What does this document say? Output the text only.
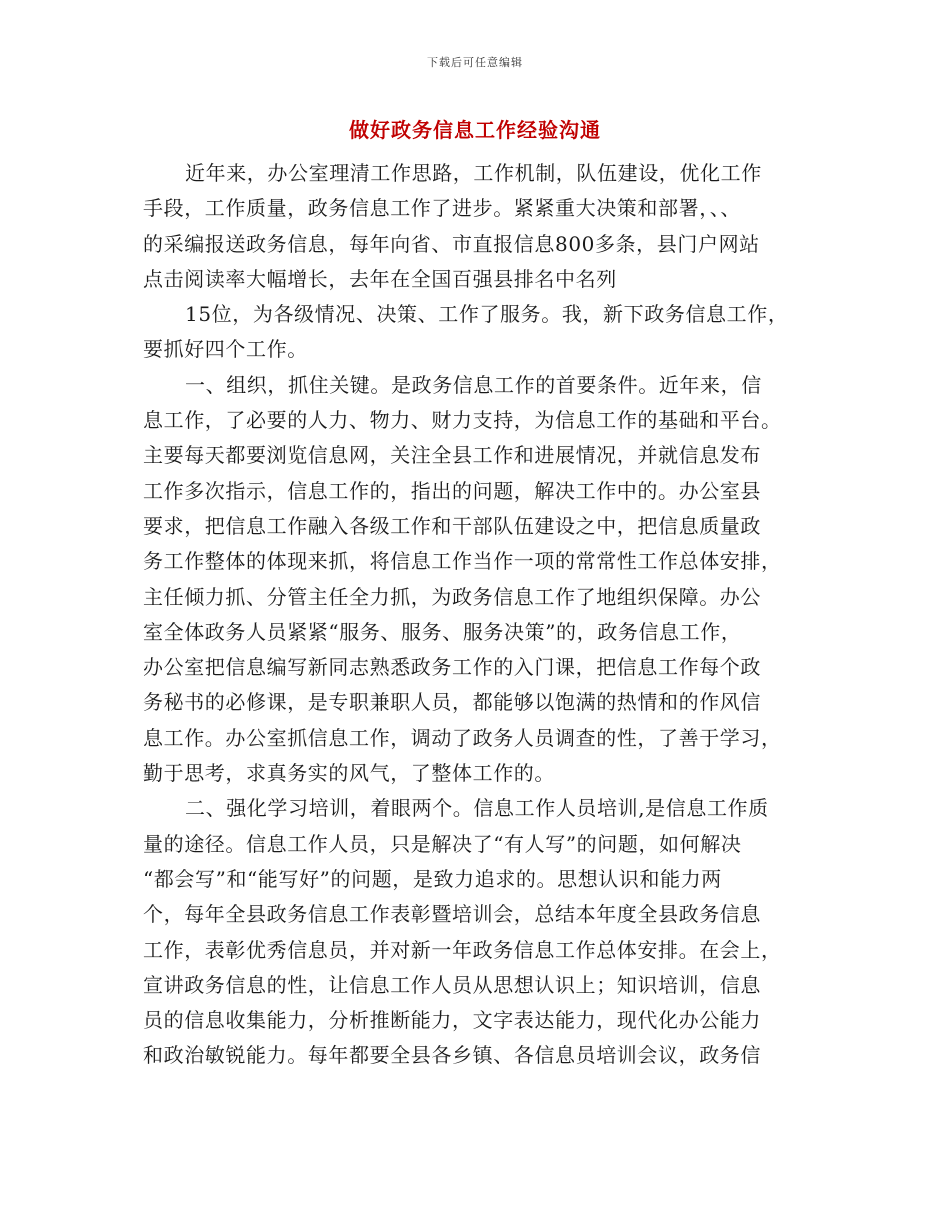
下载后可任意编辑
做好政务信息工作经验沟通
近年来，办公室理清工作思路，工作机制，队伍建设，优化工作
手段，工作质量，政务信息工作了进步。紧紧重大决策和部署，、、
的采编报送政务信息，每年向省、市直报信息800多条，县门户网站
点击阅读率大幅增长，去年在全国百强县排名中名列
15位，为各级情况、决策、工作了服务。我，新下政务信息工作，
要抓好四个工作。
一、组织，抓住关键。是政务信息工作的首要条件。近年来，信
息工作，了必要的人力、物力、财力支持，为信息工作的基础和平台。
主要每天都要浏览信息网，关注全县工作和进展情况，并就信息发布
工作多次指示，信息工作的，指出的问题，解决工作中的。办公室县
要求，把信息工作融入各级工作和干部队伍建设之中，把信息质量政
务工作整体的体现来抓，将信息工作当作一项的常常性工作总体安排，
主任倾力抓、分管主任全力抓，为政务信息工作了地组织保障。办公
室全体政务人员紧紧“服务、服务、服务决策”的，政务信息工作，
办公室把信息编写新同志熟悉政务工作的入门课，把信息工作每个政
务秘书的必修课，是专职兼职人员，都能够以饱满的热情和的作风信
息工作。办公室抓信息工作，调动了政务人员调查的性，了善于学习，
勤于思考，求真务实的风气，了整体工作的。
二、强化学习培训，着眼两个。信息工作人员培训,是信息工作质
量的途径。信息工作人员，只是解决了“有人写”的问题，如何解决
“都会写”和“能写好”的问题，是致力追求的。思想认识和能力两
个，每年全县政务信息工作表彰暨培训会，总结本年度全县政务信息
工作，表彰优秀信息员，并对新一年政务信息工作总体安排。在会上，
宣讲政务信息的性，让信息工作人员从思想认识上；知识培训，信息
员的信息收集能力，分析推断能力，文字表达能力，现代化办公能力
和政治敏锐能力。每年都要全县各乡镇、各信息员培训会议，政务信
